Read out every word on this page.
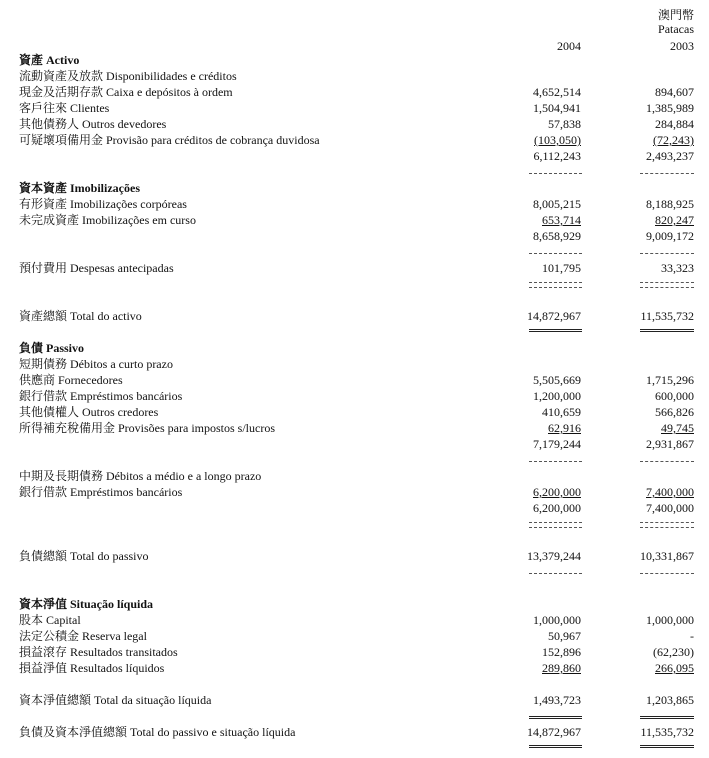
澳門幣
Patacas
2004	2003
資產 Activo
流動資產及放款 Disponibilidades e créditos
現金及活期存款 Caixa e depósitos à ordem	4,652,514	894,607
客戶往來 Clientes	1,504,941	1,385,989
其他債務人 Outros devedores	57,838	284,884
可疑壞項備用金 Provisão para créditos de cobrança duvidosa	(103,050)	(72,243)
6,112,243	2,493,237
資本資產 Imobilizações
有形資產 Imobilizações corpóreas	8,005,215	8,188,925
未完成資產 Imobilizações em curso	653,714	820,247
8,658,929	9,009,172
預付費用 Despesas antecipadas	101,795	33,323
資產總額 Total do activo	14,872,967	11,535,732
負債 Passivo
短期債務 Débitos a curto prazo
供應商 Fornecedores	5,505,669	1,715,296
銀行借款 Empréstimos bancários	1,200,000	600,000
其他債權人 Outros credores	410,659	566,826
所得補充稅備用金 Provisões para impostos s/lucros	62,916	49,745
7,179,244	2,931,867
中期及長期債務 Débitos a médio e a longo prazo
銀行借款 Empréstimos bancários	6,200,000	7,400,000
6,200,000	7,400,000
負債總額 Total do passivo	13,379,244	10,331,867
資本淨值 Situação líquida
股本 Capital	1,000,000	1,000,000
法定公積金 Reserva legal	50,967	-
損益滾存 Resultados transitados	152,896	(62,230)
損益淨值 Resultados líquidos	289,860	266,095
資本淨值總額 Total da situação líquida	1,493,723	1,203,865
負債及資本淨值總額 Total do passivo e situação líquida	14,872,967	11,535,732
